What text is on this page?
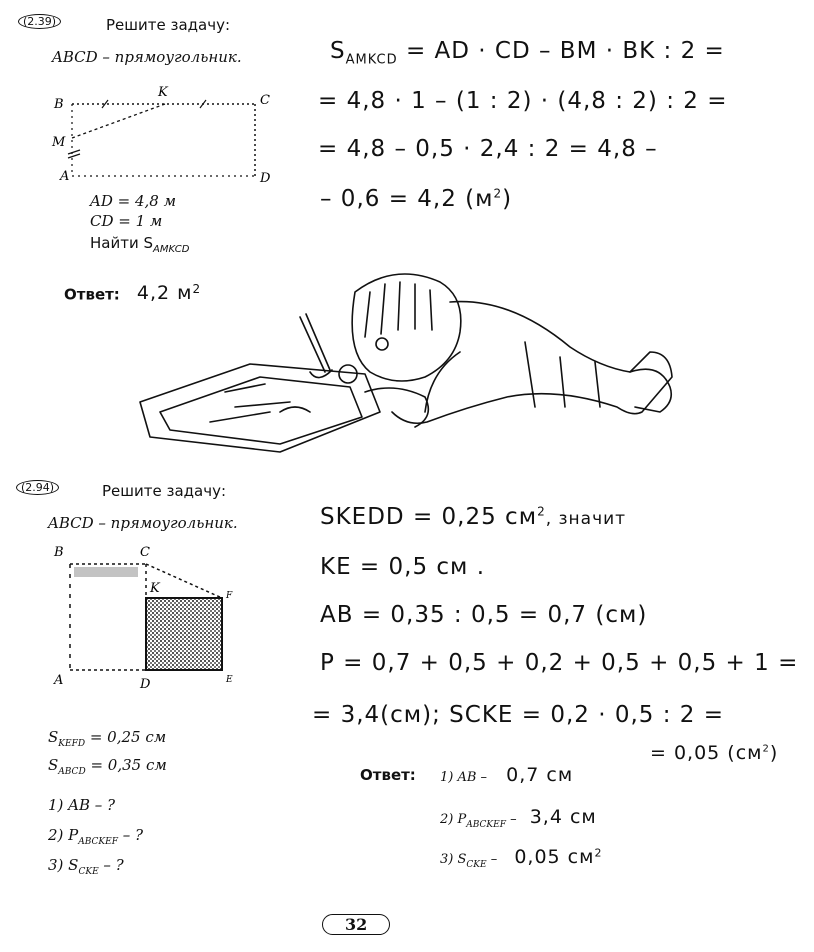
(2.39)	Решите задачу:
ABCD – прямоугольник.
B
K
C
M
A	D
AD = 4,8 м
CD = 1 м
Найти $S_{AMKCD}$
Ответ: 4,2 $м^2$
$S_{AMKCD}$ = AD · CD – BM · BK : 2 =
= 4,8 · 1 – (1 : 2) · (4,8 : 2) : 2 =
= 4,8 – 0,5 · 2,4 : 2 = 4,8 –
– 0,6 = 4,2 $(м^2)$
(2.94)	Решите задачу:
ABCD – прямоугольник.
B	C
K	F
A	D	E
$S_{KEFD} = 0,25$ см
$S_{ABCD} = 0,35$ см
1) AB – ?
2) $P_{ABCKEF}$ – ?
3) $S_{CKE}$ – ?
SKEDD = 0,25 $см^2$, значит
KE = 0,5 см .
AB = 0,35 : 0,5 = 0,7 (см)
P = 0,7 + 0,5 + 0,2 + 0,5 + 0,5 + 1 =
= 3,4(см); SCKE = 0,2 · 0,5 : 2 =
= 0,05 $(см^2)$
Ответ: 1) AB – 0,7 см
2) $P_{ABCKEF} - 3,4$ см
3) $S_{CKE} - 0,05$ $см^2$
32
